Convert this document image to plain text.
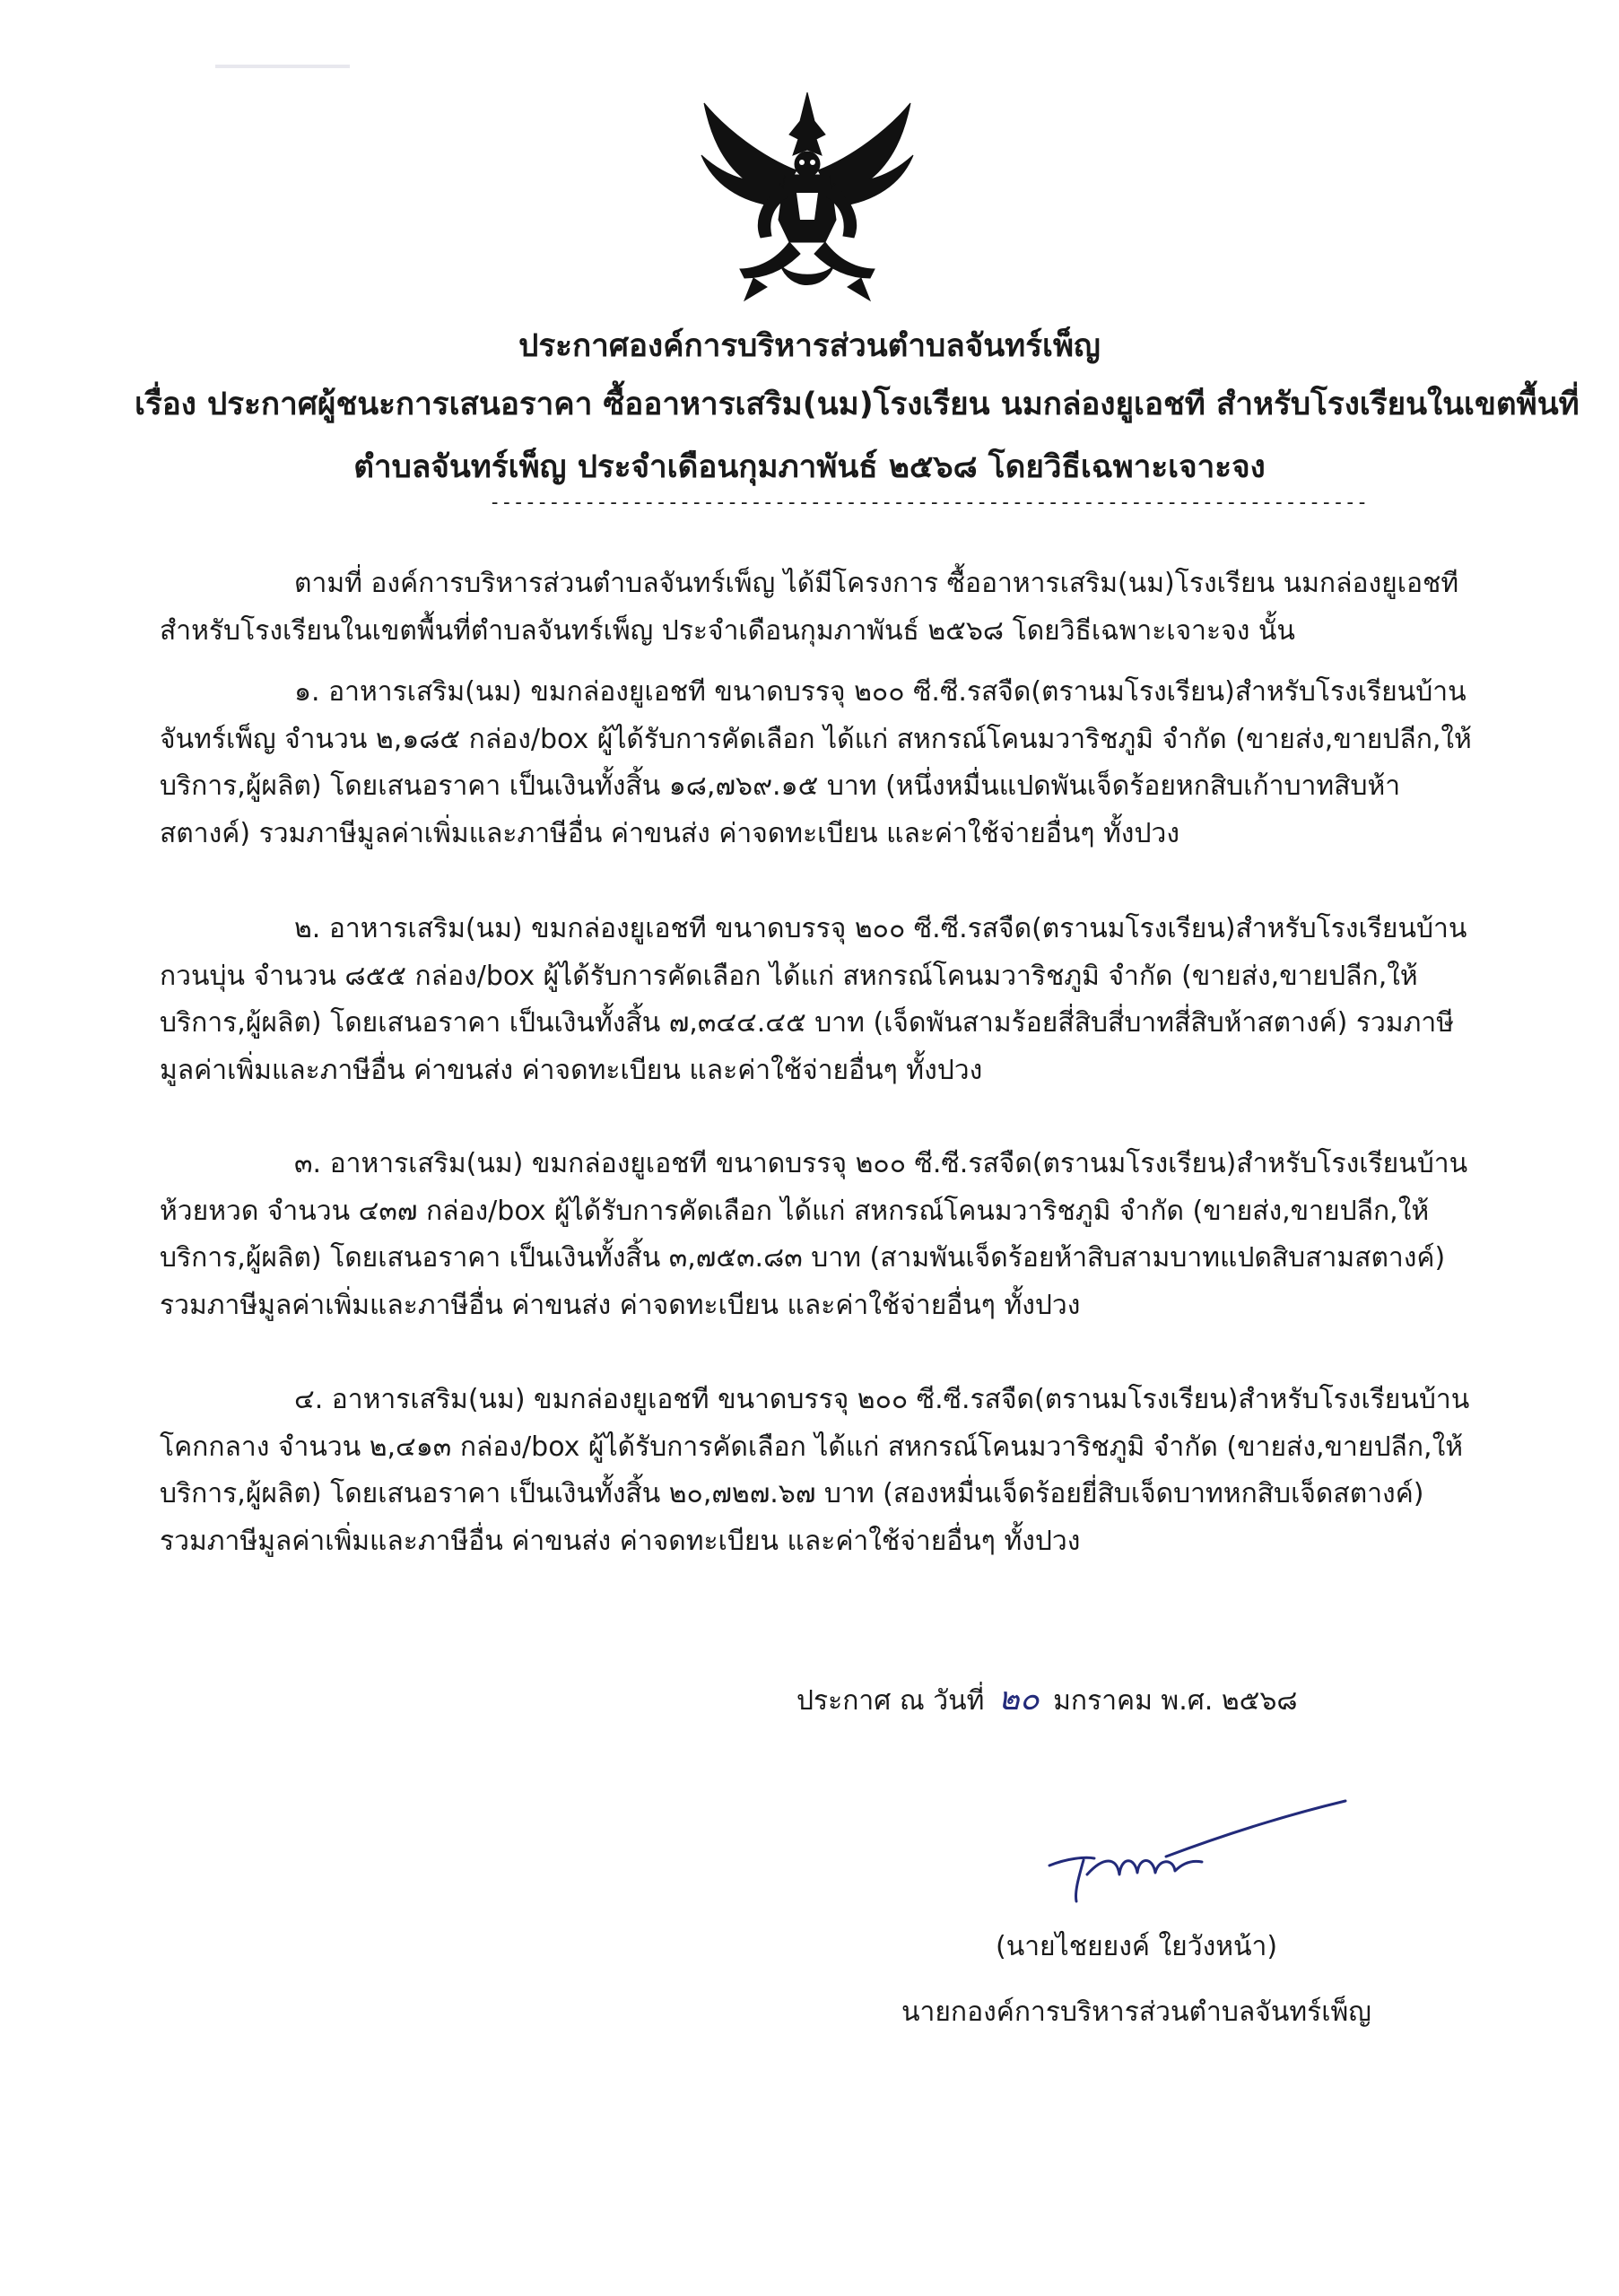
ประกาศองค์การบริหารส่วนตำบลจันทร์เพ็ญ
เรื่อง ประกาศผู้ชนะการเสนอราคา ซื้ออาหารเสริม(นม)โรงเรียน นมกล่องยูเอชที สำหรับโรงเรียนในเขตพื้นที่
ตำบลจันทร์เพ็ญ ประจำเดือนกุมภาพันธ์ ๒๕๖๘ โดยวิธีเฉพาะเจาะจง
--------------------------------------------------------------------------
ตามที่ องค์การบริหารส่วนตำบลจันทร์เพ็ญ ได้มีโครงการ ซื้ออาหารเสริม(นม)โรงเรียน นมกล่องยูเอชที
สำหรับโรงเรียนในเขตพื้นที่ตำบลจันทร์เพ็ญ ประจำเดือนกุมภาพันธ์ ๒๕๖๘ โดยวิธีเฉพาะเจาะจง นั้น
๑. อาหารเสริม(นม) ขมกล่องยูเอชที ขนาดบรรจุ ๒๐๐ ซี.ซี.รสจืด(ตรานมโรงเรียน)สำหรับโรงเรียนบ้าน
จันทร์เพ็ญ จำนวน ๒,๑๘๕ กล่อง/box ผู้ได้รับการคัดเลือก ได้แก่ สหกรณ์โคนมวาริชภูมิ จำกัด (ขายส่ง,ขายปลีก,ให้
บริการ,ผู้ผลิต) โดยเสนอราคา เป็นเงินทั้งสิ้น ๑๘,๗๖๙.๑๕ บาท (หนึ่งหมื่นแปดพันเจ็ดร้อยหกสิบเก้าบาทสิบห้า
สตางค์) รวมภาษีมูลค่าเพิ่มและภาษีอื่น ค่าขนส่ง ค่าจดทะเบียน และค่าใช้จ่ายอื่นๆ ทั้งปวง
๒. อาหารเสริม(นม) ขมกล่องยูเอชที ขนาดบรรจุ ๒๐๐ ซี.ซี.รสจืด(ตรานมโรงเรียน)สำหรับโรงเรียนบ้าน
กวนบุ่น จำนวน ๘๕๕ กล่อง/box ผู้ได้รับการคัดเลือก ได้แก่ สหกรณ์โคนมวาริชภูมิ จำกัด (ขายส่ง,ขายปลีก,ให้
บริการ,ผู้ผลิต) โดยเสนอราคา เป็นเงินทั้งสิ้น ๗,๓๔๔.๔๕ บาท (เจ็ดพันสามร้อยสี่สิบสี่บาทสี่สิบห้าสตางค์) รวมภาษี
มูลค่าเพิ่มและภาษีอื่น ค่าขนส่ง ค่าจดทะเบียน และค่าใช้จ่ายอื่นๆ ทั้งปวง
๓. อาหารเสริม(นม) ขมกล่องยูเอชที ขนาดบรรจุ ๒๐๐ ซี.ซี.รสจืด(ตรานมโรงเรียน)สำหรับโรงเรียนบ้าน
ห้วยหวด จำนวน ๔๓๗ กล่อง/box ผู้ได้รับการคัดเลือก ได้แก่ สหกรณ์โคนมวาริชภูมิ จำกัด (ขายส่ง,ขายปลีก,ให้
บริการ,ผู้ผลิต) โดยเสนอราคา เป็นเงินทั้งสิ้น ๓,๗๕๓.๘๓ บาท (สามพันเจ็ดร้อยห้าสิบสามบาทแปดสิบสามสตางค์)
รวมภาษีมูลค่าเพิ่มและภาษีอื่น ค่าขนส่ง ค่าจดทะเบียน และค่าใช้จ่ายอื่นๆ ทั้งปวง
๔. อาหารเสริม(นม) ขมกล่องยูเอชที ขนาดบรรจุ ๒๐๐ ซี.ซี.รสจืด(ตรานมโรงเรียน)สำหรับโรงเรียนบ้าน
โคกกลาง จำนวน ๒,๔๑๓ กล่อง/box ผู้ได้รับการคัดเลือก ได้แก่ สหกรณ์โคนมวาริชภูมิ จำกัด (ขายส่ง,ขายปลีก,ให้
บริการ,ผู้ผลิต) โดยเสนอราคา เป็นเงินทั้งสิ้น ๒๐,๗๒๗.๖๗ บาท (สองหมื่นเจ็ดร้อยยี่สิบเจ็ดบาทหกสิบเจ็ดสตางค์)
รวมภาษีมูลค่าเพิ่มและภาษีอื่น ค่าขนส่ง ค่าจดทะเบียน และค่าใช้จ่ายอื่นๆ ทั้งปวง
ประกาศ ณ วันที่ ๒๐ มกราคม พ.ศ. ๒๕๖๘
(นายไชยยงค์ ใยวังหน้า)
นายกองค์การบริหารส่วนตำบลจันทร์เพ็ญ
